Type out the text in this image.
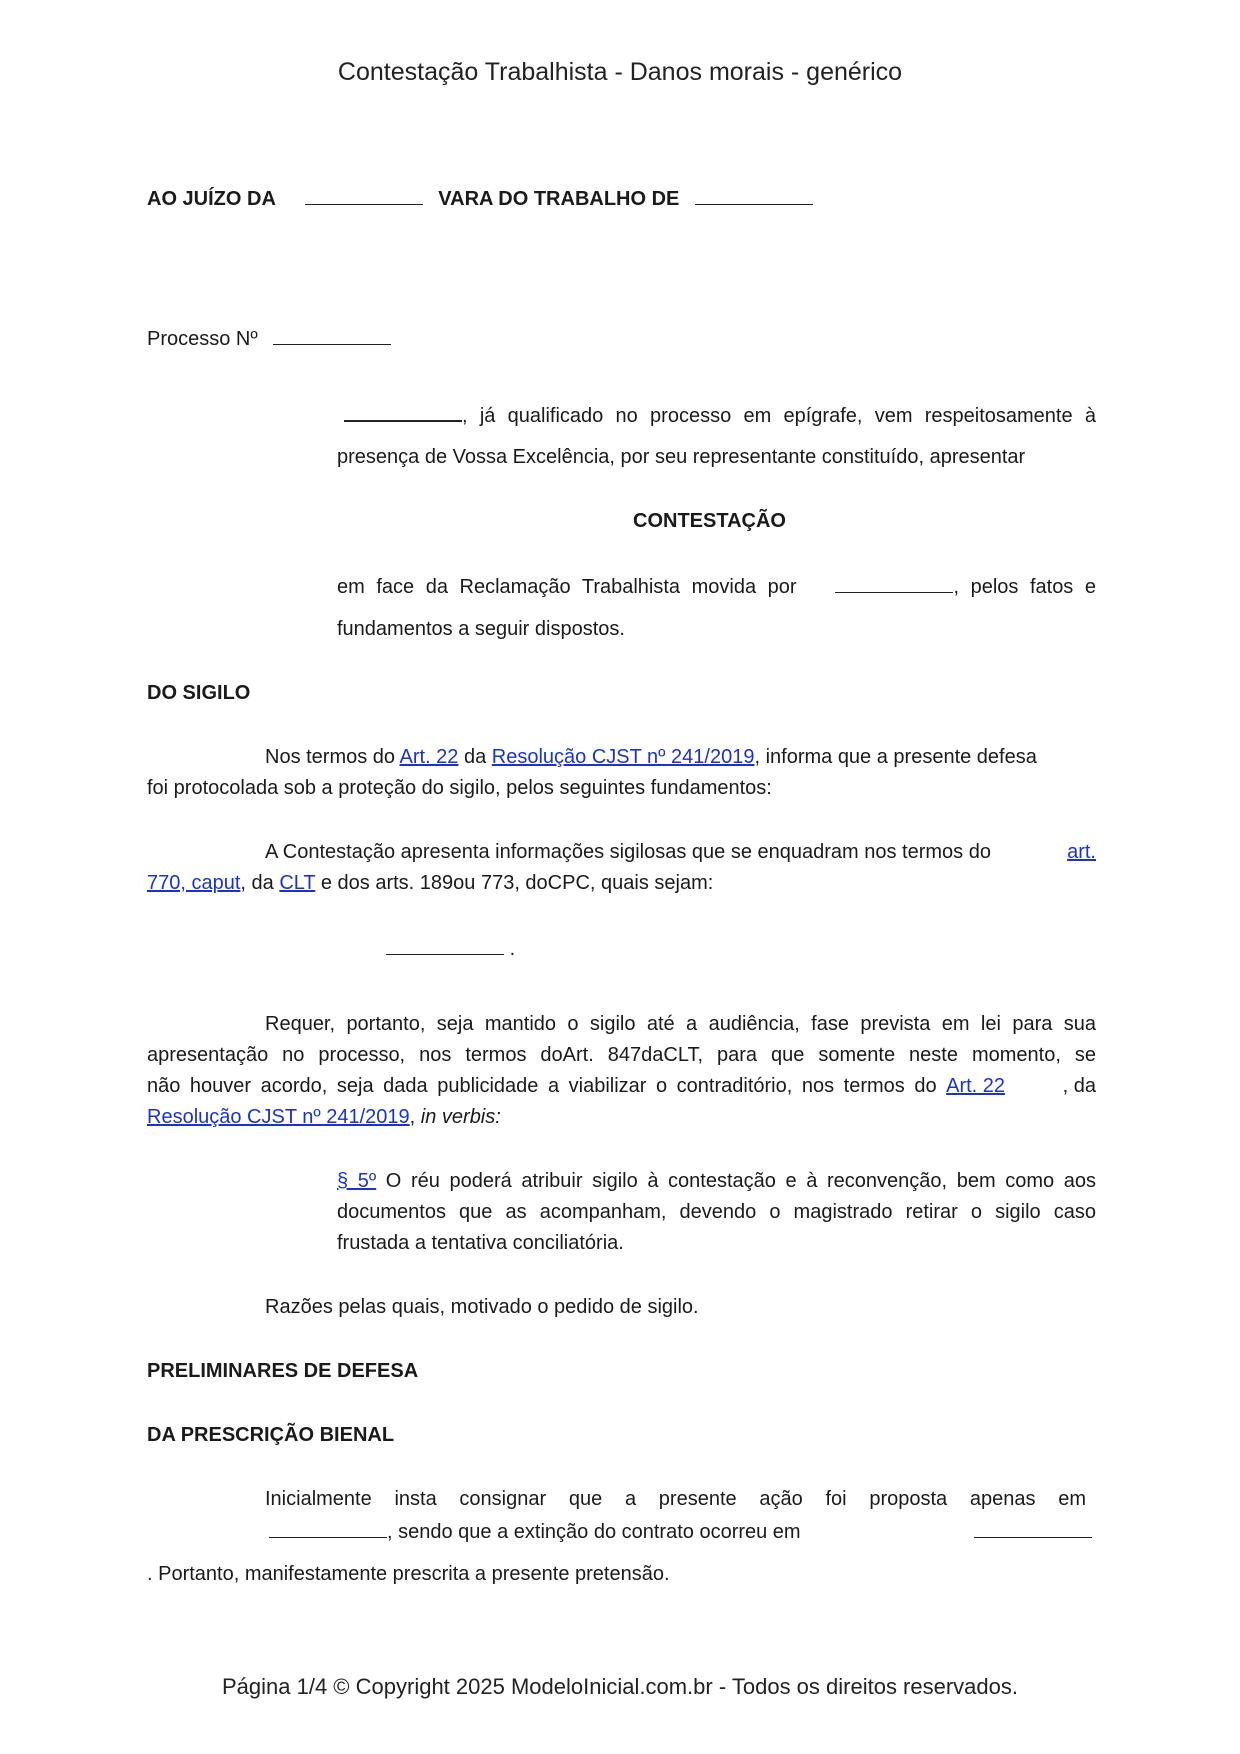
Contestação Trabalhista - Danos morais - genérico
AO JUÍZO DA	VARA DO TRABALHO DE
Processo Nº
, já qualificado no processo em epígrafe, vem respeitosamente à
presença de Vossa Excelência, por seu representante constituído, apresentar
CONTESTAÇÃO
em face da Reclamação Trabalhista movida por	, pelos fatos e
fundamentos a seguir dispostos.
DO SIGILO
Nos termos do Art. 22 da Resolução CJST nº 241/2019, informa que a presente defesa
foi protocolada sob a proteção do sigilo, pelos seguintes fundamentos:
A Contestação apresenta informações sigilosas que se enquadram nos termos do	art.
770, caput, da CLT e dos arts. 189ou 773, doCPC, quais sejam:
.
Requer, portanto, seja mantido o sigilo até a audiência, fase prevista em lei para sua
apresentação no processo, nos termos doArt. 847daCLT, para que somente neste momento, se
não houver acordo, seja dada publicidade a viabilizar o contraditório, nos termos do Art. 22	, da
Resolução CJST nº 241/2019, in verbis:
§ 5º O réu poderá atribuir sigilo à contestação e à reconvenção, bem como aos
documentos que as acompanham, devendo o magistrado retirar o sigilo caso
frustada a tentativa conciliatória.
Razões pelas quais, motivado o pedido de sigilo.
PRELIMINARES DE DEFESA
DA PRESCRIÇÃO BIENAL
Inicialmente insta consignar que a presente ação foi proposta apenas em
, sendo que a extinção do contrato ocorreu em
. Portanto, manifestamente prescrita a presente pretensão.
Página 1/4 © Copyright 2025 ModeloInicial.com.br - Todos os direitos reservados.
